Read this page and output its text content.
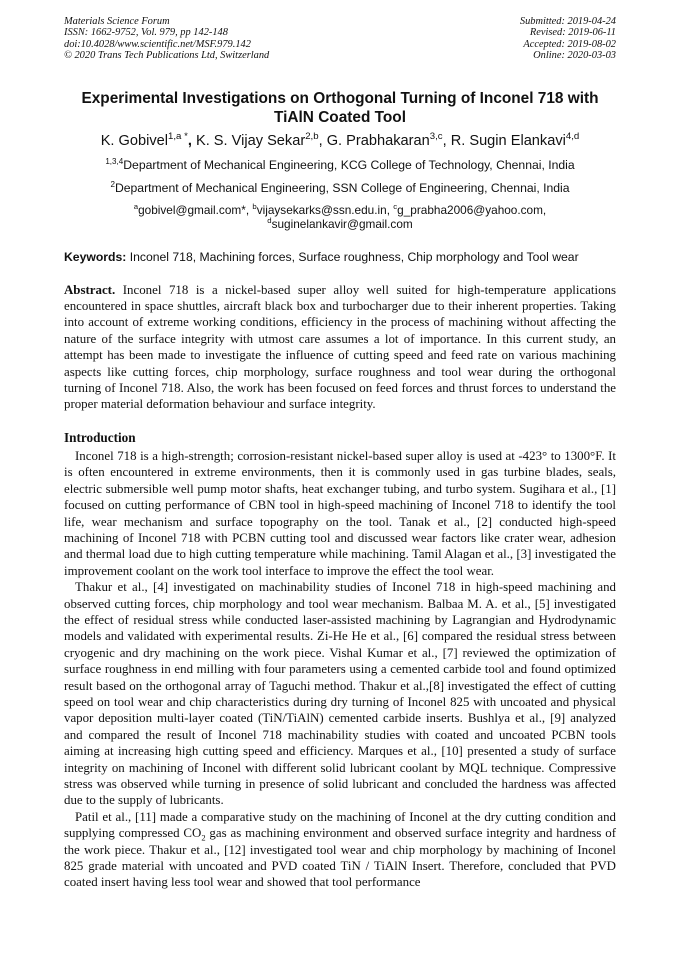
Materials Science Forum
ISSN: 1662-9752, Vol. 979, pp 142-148
doi:10.4028/www.scientific.net/MSF.979.142
© 2020 Trans Tech Publications Ltd, Switzerland
Submitted: 2019-04-24
Revised: 2019-06-11
Accepted: 2019-08-02
Online: 2020-03-03
Experimental Investigations on Orthogonal Turning of Inconel 718 with TiAlN Coated Tool
K. Gobivel$^{1,a *}$, K. S. Vijay Sekar$^{2,b}$, G. Prabhakaran$^{3,c}$, R. Sugin Elankavi$^{4,d}$
$^{1,3,4}$Department of Mechanical Engineering, KCG College of Technology, Chennai, India
$^2$Department of Mechanical Engineering, SSN College of Engineering, Chennai, India
$^a$gobivel@gmail.com*, $^b$vijaysekarks@ssn.edu.in, $^c$g_prabha2006@yahoo.com,
$^d$suginelankavir@gmail.com
Keywords: Inconel 718, Machining forces, Surface roughness, Chip morphology and Tool wear
Abstract. Inconel 718 is a nickel-based super alloy well suited for high-temperature applications encountered in space shuttles, aircraft black box and turbocharger due to their inherent properties. Taking into account of extreme working conditions, efficiency in the process of machining without affecting the nature of the surface integrity with utmost care assumes a lot of importance. In this current study, an attempt has been made to investigate the influence of cutting speed and feed rate on various machining aspects like cutting forces, chip morphology, surface roughness and tool wear during the orthogonal turning of Inconel 718. Also, the work has been focused on feed forces and thrust forces to understand the proper material deformation behaviour and surface integrity.
Introduction
Inconel 718 is a high-strength; corrosion-resistant nickel-based super alloy is used at -423° to 1300°F. It is often encountered in extreme environments, then it is commonly used in gas turbine blades, seals, electric submersible well pump motor shafts, heat exchanger tubing, and turbo system. Sugihara et al., [1] focused on cutting performance of CBN tool in high-speed machining of Inconel 718 to identify the tool life, wear mechanism and surface topography on the tool. Tanak et al., [2] conducted high-speed machining of Inconel 718 with PCBN cutting tool and discussed wear factors like crater wear, adhesion and thermal load due to high cutting temperature while machining. Tamil Alagan et al., [3] investigated the improvement coolant on the work tool interface to improve the effect the tool wear.
Thakur et al., [4] investigated on machinability studies of Inconel 718 in high-speed machining and observed cutting forces, chip morphology and tool wear mechanism. Balbaa M. A. et al., [5] investigated the effect of residual stress while conducted laser-assisted machining by Lagrangian and Hydrodynamic models and validated with experimental results. Zi-He He et al., [6] compared the residual stress between cryogenic and dry machining on the work piece. Vishal Kumar et al., [7] reviewed the optimization of surface roughness in end milling with four parameters using a cemented carbide tool and found optimized result based on the orthogonal array of Taguchi method. Thakur et al.,[8] investigated the effect of cutting speed on tool wear and chip characteristics during dry turning of Inconel 825 with uncoated and physical vapor deposition multi-layer coated (TiN/TiAlN) cemented carbide inserts. Bushlya et al., [9] analyzed and compared the result of Inconel 718 machinability studies with coated and uncoated PCBN tools aiming at increasing high cutting speed and efficiency. Marques et al., [10] presented a study of surface integrity on machining of Inconel with different solid lubricant coolant by MQL technique. Compressive stress was observed while turning in presence of solid lubricant and concluded the hardness was affected due to the supply of lubricants.
Patil et al., [11] made a comparative study on the machining of Inconel at the dry cutting condition and supplying compressed $CO_2$ gas as machining environment and observed surface integrity and hardness of the work piece. Thakur et al., [12] investigated tool wear and chip morphology by machining of Inconel 825 grade material with uncoated and PVD coated TiN / TiAlN Insert. Therefore, concluded that PVD coated insert having less tool wear and showed that tool performance
